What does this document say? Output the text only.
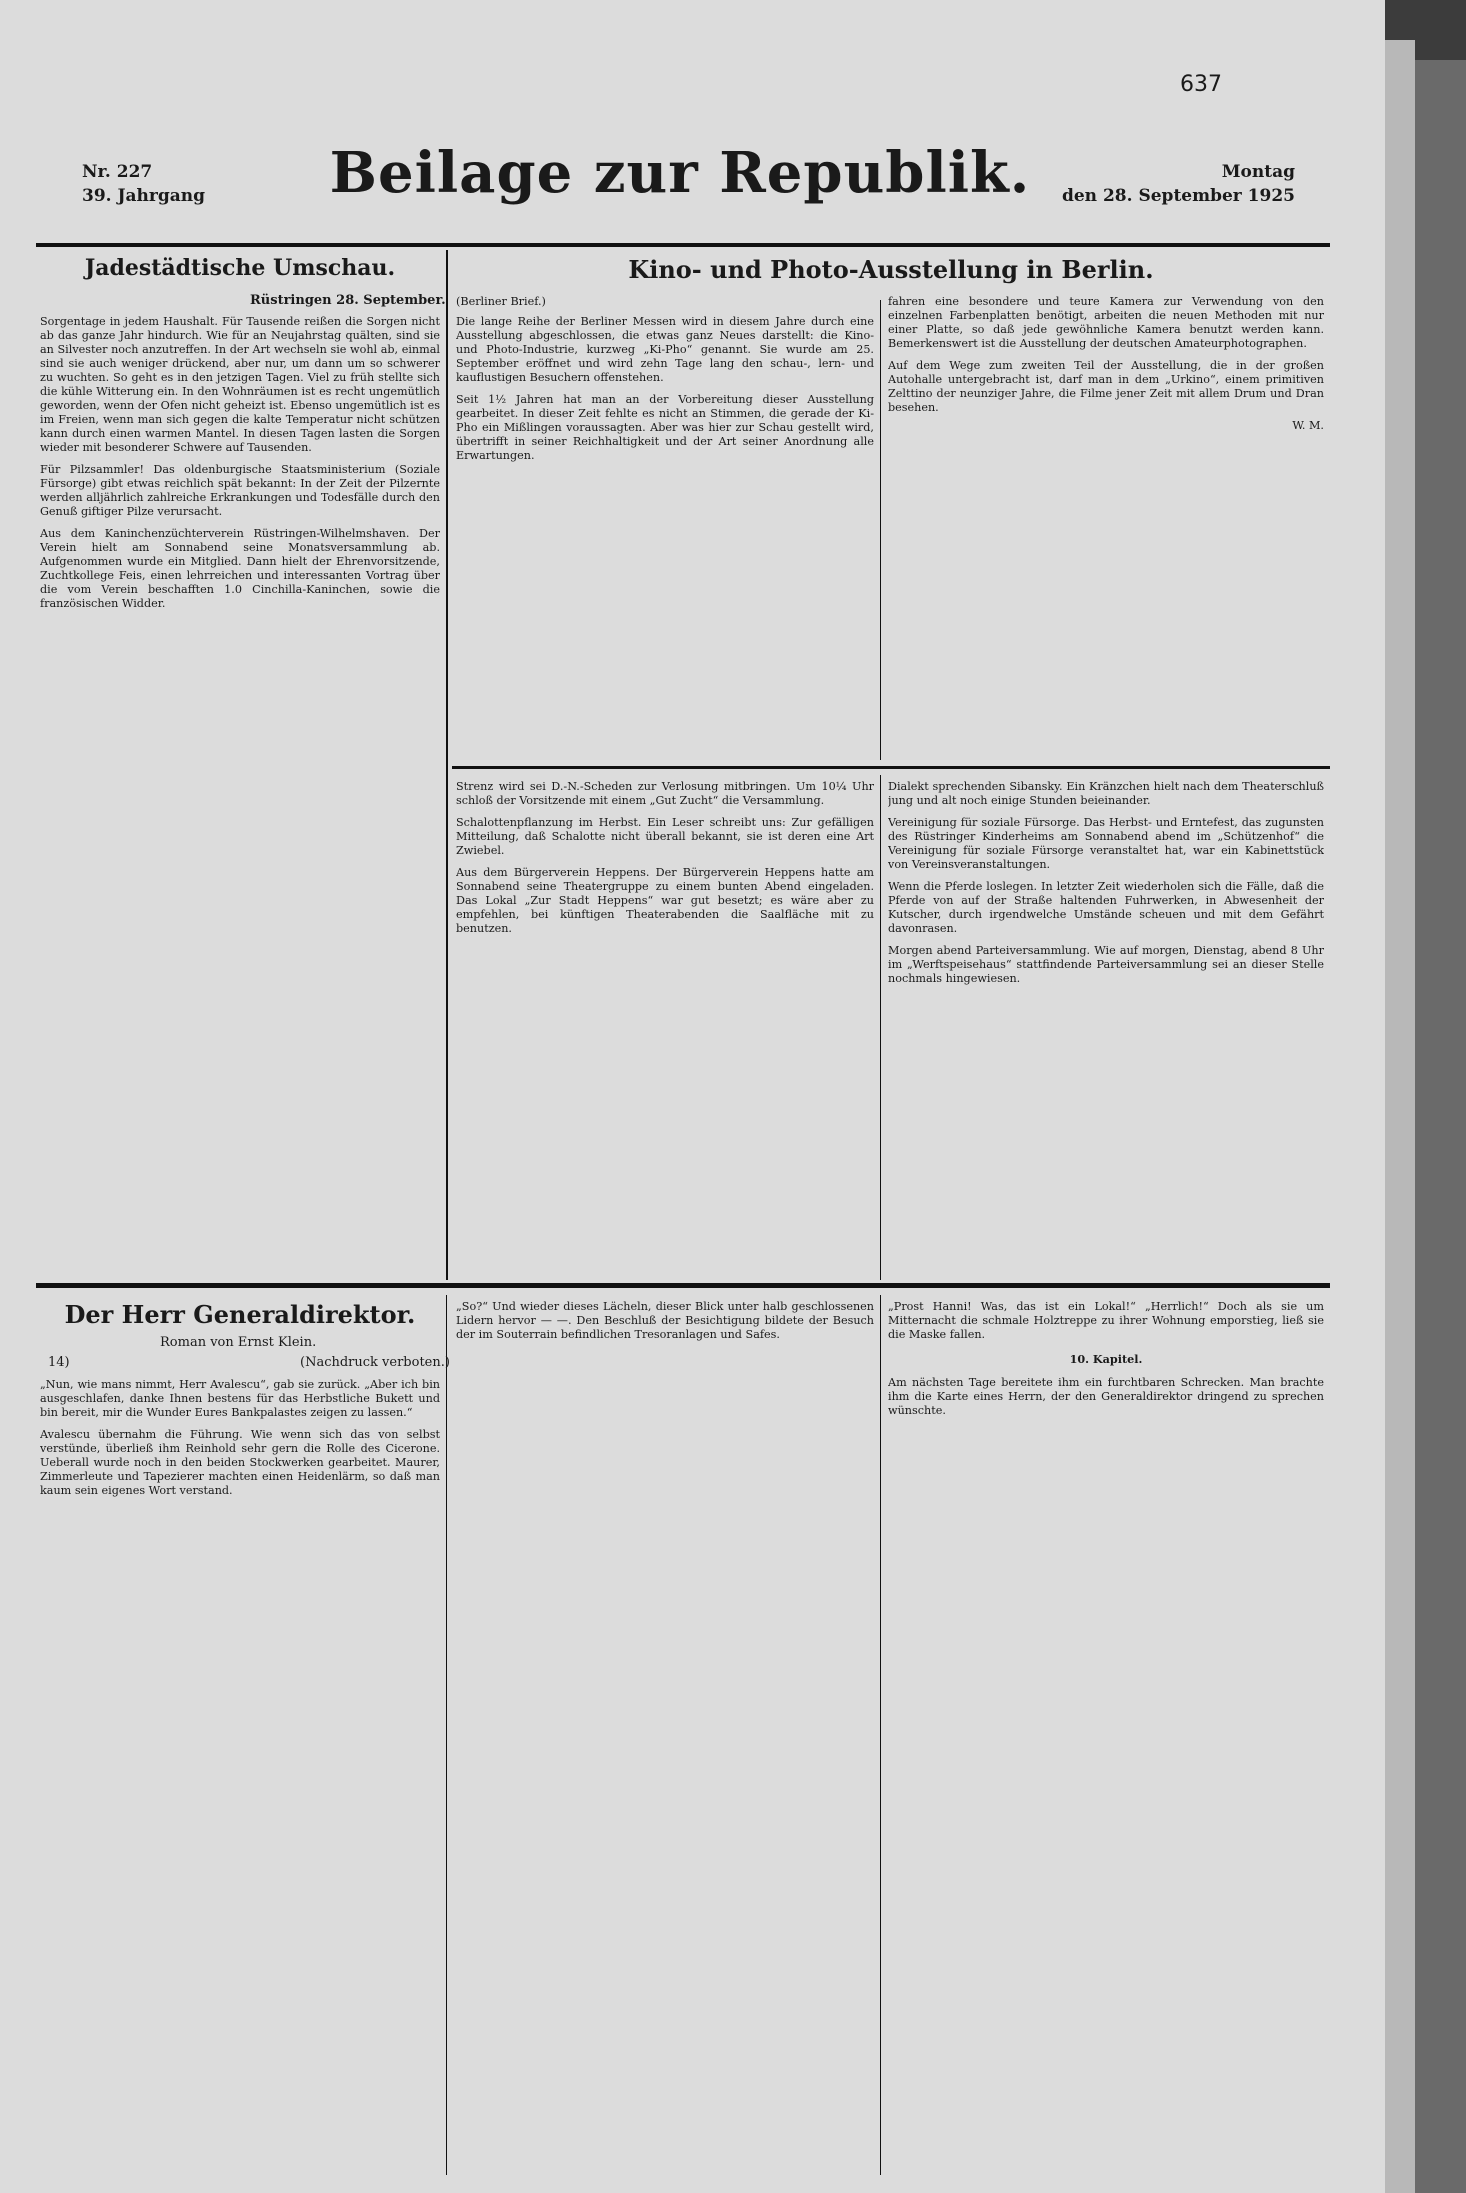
637
Nr. 227
39. Jahrgang	Beilage zur Republik.	Montag
den 28. September 1925
Jadestädtische Umschau.
Rüstringen 28. September.

Sorgentage in jedem Haushalt. Für Tausende reißen die Sorgen nicht ab das ganze Jahr hindurch. Wie für an Neujahrstag quälten, sind sie an Silvester noch anzutreffen. In der Art wechseln sie wohl ab, einmal sind sie auch weniger drückend, aber nur, um dann um so schwerer zu wuchten. So geht es in den jetzigen Tagen. Viel zu früh stellte sich die kühle Witterung ein. In den Wohnräumen ist es recht ungemütlich geworden, wenn der Ofen nicht geheizt ist. Ebenso ungemütlich ist es im Freien, wenn man sich gegen die kalte Temperatur nicht schützen kann durch einen warmen Mantel. In diesen Tagen lasten die Sorgen wieder mit besonderer Schwere auf Tausenden.

Für Pilzsammler! Das oldenburgische Staatsministerium (Soziale Fürsorge) gibt etwas reichlich spät bekannt: In der Zeit der Pilzernte werden alljährlich zahlreiche Erkrankungen und Todesfälle durch den Genuß giftiger Pilze verursacht.

Aus dem Kaninchenzüchterverein Rüstringen-Wilhelmshaven. Der Verein hielt am Sonnabend seine Monatsversammlung ab. Aufgenommen wurde ein Mitglied. Dann hielt der Ehrenvorsitzende, Zuchtkollege Feis, einen lehrreichen und interessanten Vortrag über die vom Verein beschafften 1.0 Cinchilla-Kaninchen, sowie die französischen Widder.

Kino- und Photo-Ausstellung in Berlin.

(Berliner Brief.)

Die lange Reihe der Berliner Messen wird in diesem Jahre durch eine Ausstellung abgeschlossen, die etwas ganz Neues darstellt: die Kino- und Photo-Industrie, kurzweg „Ki-Pho“ genannt. Sie wurde am 25. September eröffnet und wird zehn Tage lang den schau-, lern- und kauflustigen Besuchern offenstehen.

Seit 1½ Jahren hat man an der Vorbereitung dieser Ausstellung gearbeitet. In dieser Zeit fehlte es nicht an Stimmen, die gerade der Ki-Pho ein Mißlingen voraussagten. Aber was hier zur Schau gestellt wird, übertrifft in seiner Reichhaltigkeit und der Art seiner Anordnung alle Erwartungen.

fahren eine besondere und teure Kamera zur Verwendung von den einzelnen Farbenplatten benötigt, arbeiten die neuen Methoden mit nur einer Platte, so daß jede gewöhnliche Kamera benutzt werden kann. Bemerkenswert ist die Ausstellung der deutschen Amateurphotographen.

Auf dem Wege zum zweiten Teil der Ausstellung, die in der großen Autohalle untergebracht ist, darf man in dem „Urkino“, einem primitiven Zelttino der neunziger Jahre, die Filme jener Zeit mit allem Drum und Dran besehen.

W. M.

Strenz wird sei D.-N.-Scheden zur Verlosung mitbringen. Um 10¼ Uhr schloß der Vorsitzende mit einem „Gut Zucht“ die Versammlung.

Schalottenpflanzung im Herbst. Ein Leser schreibt uns: Zur gefälligen Mitteilung, daß Schalotte nicht überall bekannt, sie ist deren eine Art Zwiebel.

Aus dem Bürgerverein Heppens. Der Bürgerverein Heppens hatte am Sonnabend seine Theatergruppe zu einem bunten Abend eingeladen. Das Lokal „Zur Stadt Heppens“ war gut besetzt; es wäre aber zu empfehlen, bei künftigen Theaterabenden die Saalfläche mit zu benutzen.

Dialekt sprechenden Sibansky. Ein Kränzchen hielt nach dem Theaterschluß jung und alt noch einige Stunden beieinander.

Vereinigung für soziale Fürsorge. Das Herbst- und Erntefest, das zugunsten des Rüstringer Kinderheims am Sonnabend abend im „Schützenhof“ die Vereinigung für soziale Fürsorge veranstaltet hat, war ein Kabinettstück von Vereinsveranstaltungen.

Wenn die Pferde loslegen. In letzter Zeit wiederholen sich die Fälle, daß die Pferde von auf der Straße haltenden Fuhrwerken, in Abwesenheit der Kutscher, durch irgendwelche Umstände scheuen und mit dem Gefährt davonrasen.

Morgen abend Parteiversammlung. Wie auf morgen, Dienstag, abend 8 Uhr im „Werftspeisehaus“ stattfindende Parteiversammlung sei an dieser Stelle nochmals hingewiesen.

Der Herr Generaldirektor.
Roman von Ernst Klein.
14)	(Nachdruck verboten.)

„Nun, wie mans nimmt, Herr Avalescu“, gab sie zurück. „Aber ich bin ausgeschlafen, danke Ihnen bestens für das Herbstliche Bukett und bin bereit, mir die Wunder Eures Bankpalastes zeigen zu lassen.“

Avalescu übernahm die Führung. Wie wenn sich das von selbst verstünde, überließ ihm Reinhold sehr gern die Rolle des Cicerone. Ueberall wurde noch in den beiden Stockwerken gearbeitet. Maurer, Zimmerleute und Tapezierer machten einen Heidenlärm, so daß man kaum sein eigenes Wort verstand.

„So?“ Und wieder dieses Lächeln, dieser Blick unter halb geschlossenen Lidern hervor — —. Den Beschluß der Besichtigung bildete der Besuch der im Souterrain befindlichen Tresoranlagen und Safes.

„Prost Hanni! Was, das ist ein Lokal!“ „Herrlich!“ Doch als sie um Mitternacht die schmale Holztreppe zu ihrer Wohnung emporstieg, ließ sie die Maske fallen.

10. Kapitel.

Am nächsten Tage bereitete ihm ein furchtbaren Schrecken. Man brachte ihm die Karte eines Herrn, der den Generaldirektor dringend zu sprechen wünschte.
